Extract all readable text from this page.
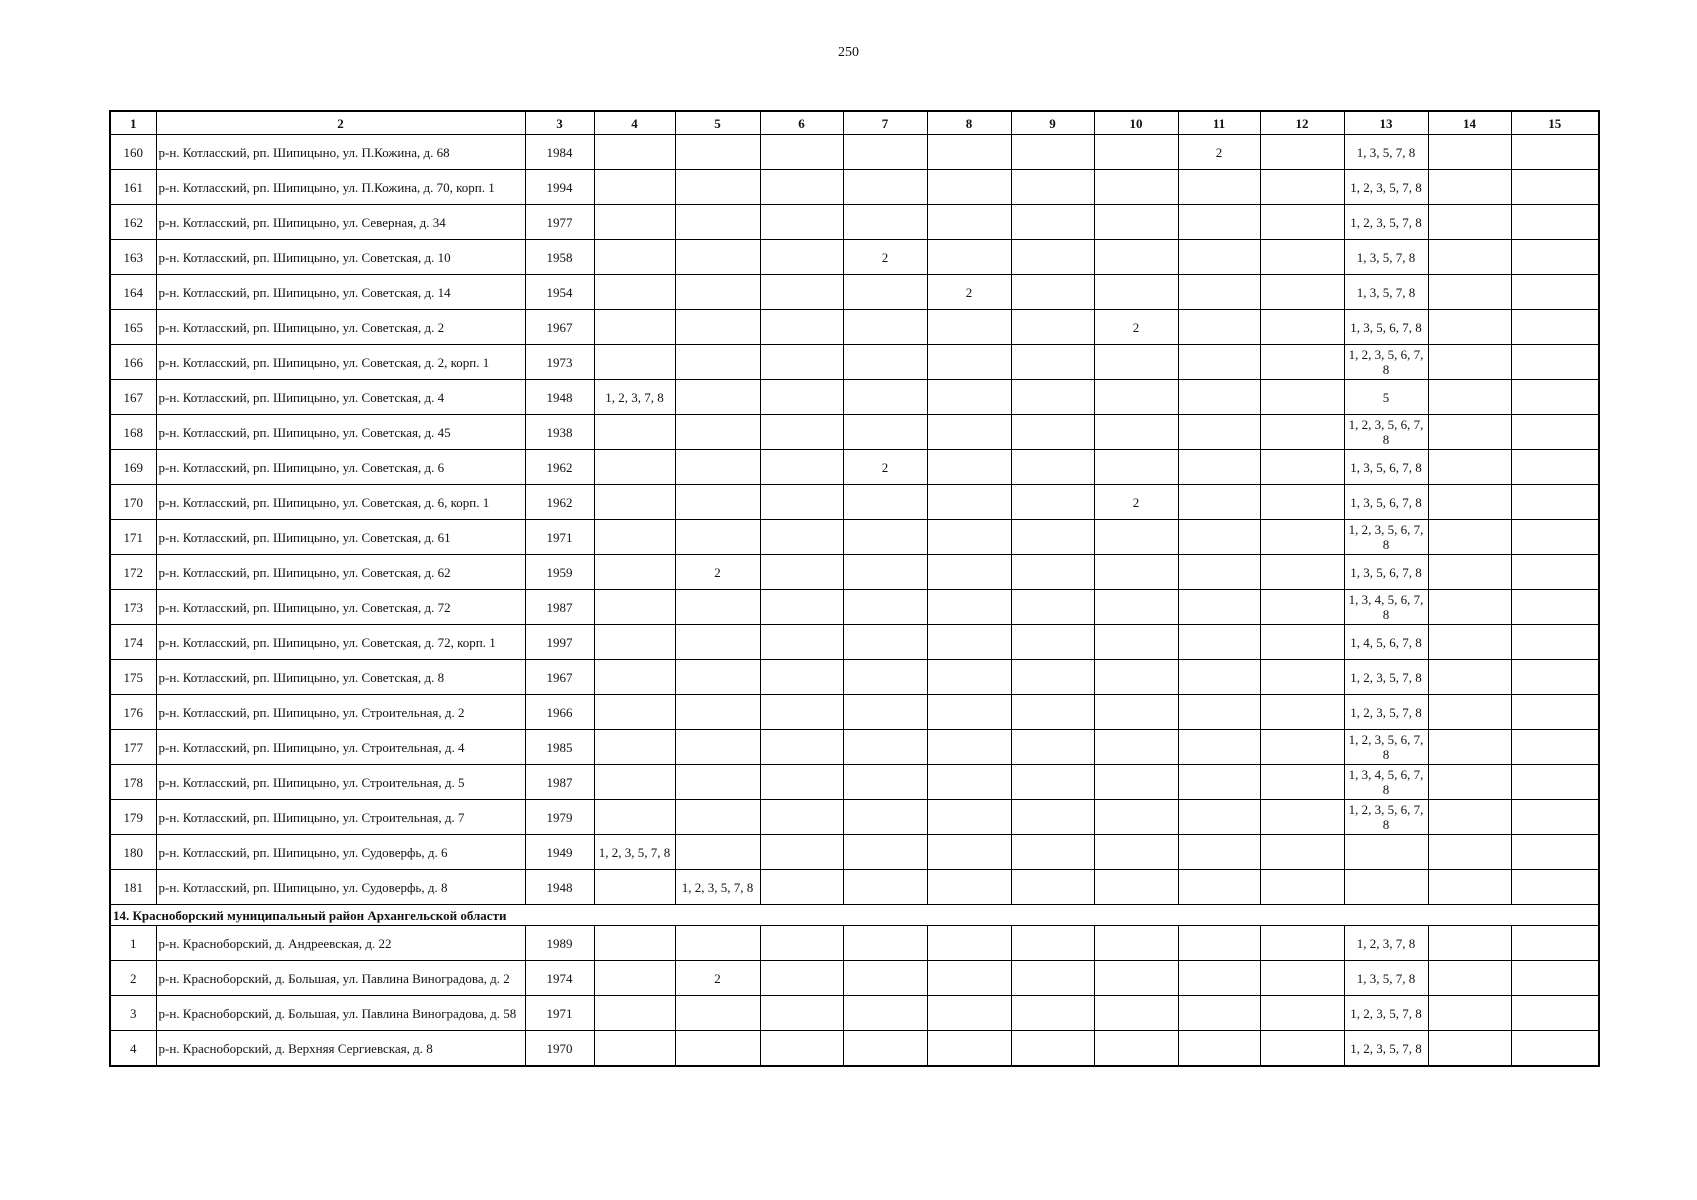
250
1	2	3	4	5	6	7	8	9	10	11	12	13	14	15
160	р-н. Котласский, рп. Шипицыно, ул. П.Кожина, д. 68	1984								2		1, 3, 5, 7, 8		
161	р-н. Котласский, рп. Шипицыно, ул. П.Кожина, д. 70, корп. 1	1994										1, 2, 3, 5, 7, 8		
162	р-н. Котласский, рп. Шипицыно, ул. Северная, д. 34	1977										1, 2, 3, 5, 7, 8		
163	р-н. Котласский, рп. Шипицыно, ул. Советская, д. 10	1958				2						1, 3, 5, 7, 8		
164	р-н. Котласский, рп. Шипицыно, ул. Советская, д. 14	1954					2					1, 3, 5, 7, 8		
165	р-н. Котласский, рп. Шипицыно, ул. Советская, д. 2	1967							2			1, 3, 5, 6, 7, 8		
166	р-н. Котласский, рп. Шипицыно, ул. Советская, д. 2, корп. 1	1973										1, 2, 3, 5, 6, 7, 8		
167	р-н. Котласский, рп. Шипицыно, ул. Советская, д. 4	1948	1, 2, 3, 7, 8									5		
168	р-н. Котласский, рп. Шипицыно, ул. Советская, д. 45	1938										1, 2, 3, 5, 6, 7, 8		
169	р-н. Котласский, рп. Шипицыно, ул. Советская, д. 6	1962				2						1, 3, 5, 6, 7, 8		
170	р-н. Котласский, рп. Шипицыно, ул. Советская, д. 6, корп. 1	1962							2			1, 3, 5, 6, 7, 8		
171	р-н. Котласский, рп. Шипицыно, ул. Советская, д. 61	1971										1, 2, 3, 5, 6, 7, 8		
172	р-н. Котласский, рп. Шипицыно, ул. Советская, д. 62	1959		2								1, 3, 5, 6, 7, 8		
173	р-н. Котласский, рп. Шипицыно, ул. Советская, д. 72	1987										1, 3, 4, 5, 6, 7, 8		
174	р-н. Котласский, рп. Шипицыно, ул. Советская, д. 72, корп. 1	1997										1, 4, 5, 6, 7, 8		
175	р-н. Котласский, рп. Шипицыно, ул. Советская, д. 8	1967										1, 2, 3, 5, 7, 8		
176	р-н. Котласский, рп. Шипицыно, ул. Строительная, д. 2	1966										1, 2, 3, 5, 7, 8		
177	р-н. Котласский, рп. Шипицыно, ул. Строительная, д. 4	1985										1, 2, 3, 5, 6, 7, 8		
178	р-н. Котласский, рп. Шипицыно, ул. Строительная, д. 5	1987										1, 3, 4, 5, 6, 7, 8		
179	р-н. Котласский, рп. Шипицыно, ул. Строительная, д. 7	1979										1, 2, 3, 5, 6, 7, 8		
180	р-н. Котласский, рп. Шипицыно, ул. Судоверфь, д. 6	1949	1, 2, 3, 5, 7, 8											
181	р-н. Котласский, рп. Шипицыно, ул. Судоверфь, д. 8	1948		1, 2, 3, 5, 7, 8										
14. Красноборский муниципальный район Архангельской области														
1	р-н. Красноборский, д. Андреевская, д. 22	1989										1, 2, 3, 7, 8		
2	р-н. Красноборский, д. Большая, ул. Павлина Виноградова, д. 2	1974		2								1, 3, 5, 7, 8		
3	р-н. Красноборский, д. Большая, ул. Павлина Виноградова, д. 58	1971										1, 2, 3, 5, 7, 8		
4	р-н. Красноборский, д. Верхняя Сергиевская, д. 8	1970										1, 2, 3, 5, 7, 8		
